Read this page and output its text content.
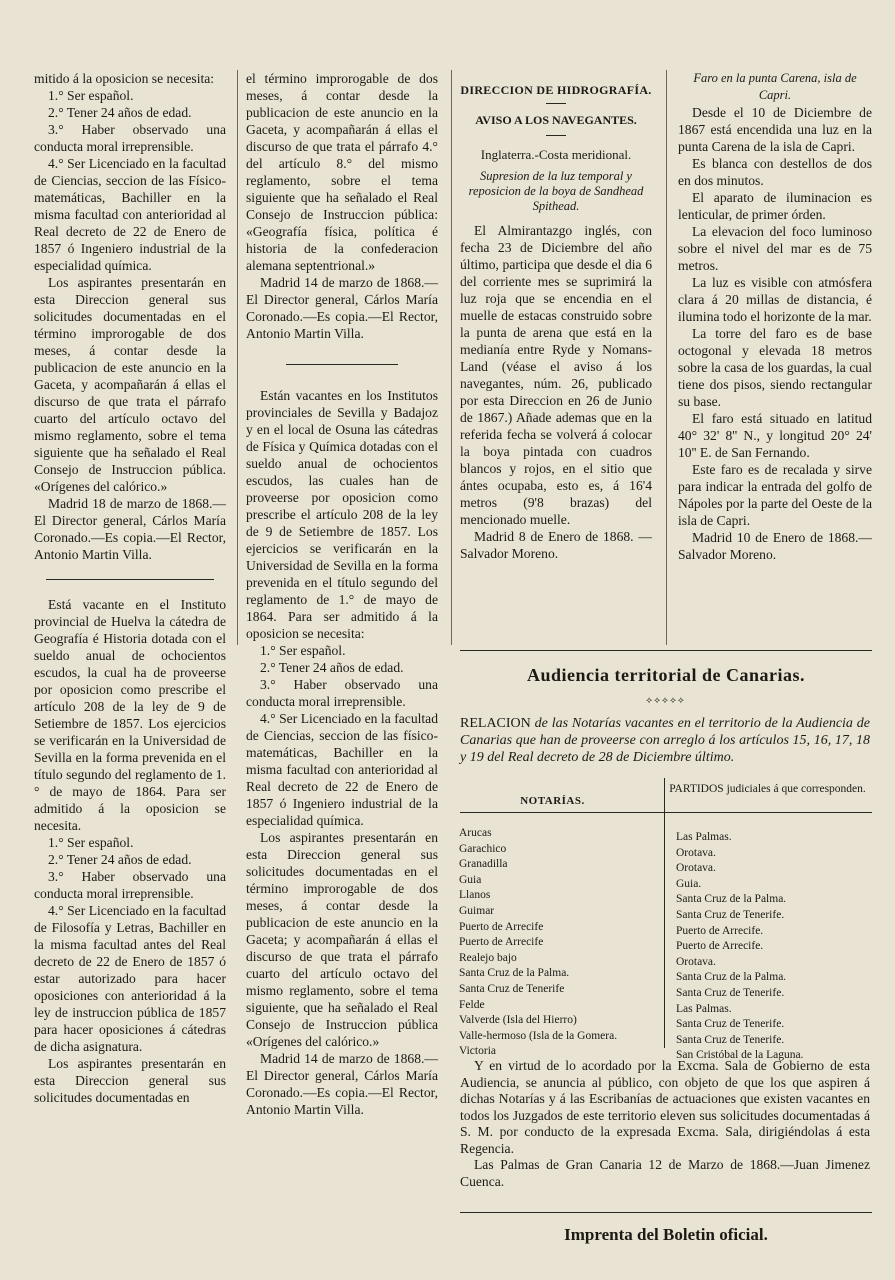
mitido á la oposicion se necesita:

1.° Ser español.

2.° Tener 24 años de edad.

3.° Haber observado una conducta moral irreprensible.

4.° Ser Licenciado en la facultad de Ciencias, seccion de las Físico-matemáticas, Bachiller en la misma facultad con anterioridad al Real decreto de 22 de Enero de 1857 ó Ingeniero industrial de la especialidad química.

Los aspirantes presentarán en esta Direccion general sus solicitudes documentadas en el término improrogable de dos meses, á contar desde la publicacion de este anuncio en la Gaceta, y acompañarán á ellas el discurso de que trata el párrafo cuarto del artículo octavo del mismo reglamento, sobre el tema siguiente que ha señalado el Real Consejo de Instruccion pública. «Orígenes del calórico.»

Madrid 18 de marzo de 1868.—El Director general, Cárlos María Coronado.—Es copia.—El Rector, Antonio Martin Villa.

Está vacante en el Instituto provincial de Huelva la cátedra de Geografía é Historia dotada con el sueldo anual de ochocientos escudos, la cual ha de proveerse por oposicion como prescribe el artículo 208 de la ley de 9 de Setiembre de 1857. Los ejercicios se verificarán en la Universidad de Sevilla en la forma prevenida en el título segundo del reglamento de 1.° de mayo de 1864. Para ser admitido á la oposicion se necesita.

1.° Ser español.

2.° Tener 24 años de edad.

3.° Haber observado una conducta moral irreprensible.

4.° Ser Licenciado en la facultad de Filosofía y Letras, Bachiller en la misma facultad antes del Real decreto de 22 de Enero de 1857 ó estar autorizado para hacer oposiciones con anterioridad á la ley de instruccion pública de 1857 para hacer oposiciones á cátedras de dicha asignatura.

Los aspirantes presentarán en esta Direccion general sus solicitudes documentadas en

el término improrogable de dos meses, á contar desde la publicacion de este anuncio en la Gaceta, y acompañarán á ellas el discurso de que trata el párrafo 4.° del artículo 8.° del mismo reglamento, sobre el tema siguiente que ha señalado el Real Consejo de Instruccion pública: «Geografía física, política é historia de la confederacion alemana septentrional.»

Madrid 14 de marzo de 1868.—El Director general, Cárlos María Coronado.—Es copia.—El Rector, Antonio Martin Villa.

Están vacantes en los Institutos provinciales de Sevilla y Badajoz y en el local de Osuna las cátedras de Física y Química dotadas con el sueldo anual de ochocientos escudos, las cuales han de proveerse por oposicion como prescribe el artículo 208 de la ley de 9 de Setiembre de 1857. Los ejercicios se verificarán en la Universidad de Sevilla en la forma prevenida en el título segundo del reglamento de 1.° de mayo de 1864. Para ser admitido á la oposicion se necesita:

1.° Ser español.

2.° Tener 24 años de edad.

3.° Haber observado una conducta moral irreprensible.

4.° Ser Licenciado en la facultad de Ciencias, seccion de las físico-matemáticas, Bachiller en la misma facultad con anterioridad al Real decreto de 22 de Enero de 1857 ó Ingeniero industrial de la especialidad química.

Los aspirantes presentarán en esta Direccion general sus solicitudes documentadas en el término improrogable de dos meses, á contar desde la publicacion de este anuncio en la Gaceta; y acompañarán á ellas el discurso de que trata el párrafo cuarto del artículo octavo del mismo reglamento, sobre el tema siguiente, que ha señalado el Real Consejo de Instruccion pública «Orígenes del calórico.»

Madrid 14 de marzo de 1868.—El Director general, Cárlos María Coronado.—Es copia.—El Rector, Antonio Martin Villa.

DIRECCION DE HIDROGRAFÍA.
AVISO A LOS NAVEGANTES.
Inglaterra.-Costa meridional.
Supresion de la luz temporal y reposicion de la boya de Sandhead Spithead.

El Almirantazgo inglés, con fecha 23 de Diciembre del año último, participa que desde el dia 6 del corriente mes se suprimirá la luz roja que se encendia en el muelle de estacas construido sobre la punta de arena que está en la medianía entre Ryde y Nomans-Land (véase el aviso á los navegantes, núm. 26, publicado por esta Direccion en 26 de Junio de 1867.) Añade ademas que en la referida fecha se volverá á colocar la boya pintada con cuadros blancos y rojos, en el sitio que ántes ocupaba, esto es, á 16'4 metros (9'8 brazas) del mencionado muelle.

Madrid 8 de Enero de 1868. —Salvador Moreno.

Faro en la punta Carena, isla de Capri.

Desde el 10 de Diciembre de 1867 está encendida una luz en la punta Carena de la isla de Capri.

Es blanca con destellos de dos en dos minutos.

El aparato de iluminacion es lenticular, de primer órden.

La elevacion del foco luminoso sobre el nivel del mar es de 75 metros.

La luz es visible con atmósfera clara á 20 millas de distancia, é ilumina todo el horizonte de la mar.

La torre del faro es de base octogonal y elevada 18 metros sobre la casa de los guardas, la cual tiene dos pisos, siendo rectangular su base.

El faro está situado en latitud 40° 32' 8'' N., y longitud 20° 24' 10'' E. de San Fernando.

Este faro es de recalada y sirve para indicar la entrada del golfo de Nápoles por la parte del Oeste de la isla de Capri.

Madrid 10 de Enero de 1868.—Salvador Moreno.

Audiencia territorial de Canarias.
⟡⟡⟡⟡⟡
RELACION de las Notarías vacantes en el territorio de la Audiencia de Canarias que han de proveerse con arreglo á los artículos 15, 16, 17, 18 y 19 del Real decreto de 28 de Diciembre último.
NOTARÍAS.
PARTIDOS judiciales á que corresponden.
Arucas
Garachico
Granadilla
Guia
Llanos
Guimar
Puerto de Arrecife
Puerto de Arrecife
Realejo bajo
Santa Cruz de la Palma.
Santa Cruz de Tenerife
Felde
Valverde (Isla del Hierro)
Valle-hermoso (Isla de la Gomera.
Victoria
Las Palmas.
Orotava.
Orotava.
Guia.
Santa Cruz de la Palma.
Santa Cruz de Tenerife.
Puerto de Arrecife.
Puerto de Arrecife.
Orotava.
Santa Cruz de la Palma.
Santa Cruz de Tenerife.
Las Palmas.
Santa Cruz de Tenerife.
Santa Cruz de Tenerife.
San Cristóbal de la Laguna.

Y en virtud de lo acordado por la Excma. Sala de Gobierno de esta Audiencia, se anuncia al público, con objeto de que los que aspiren á dichas Notarías y á las Escribanías de actuaciones que existen vacantes en todos los Juzgados de este territorio eleven sus solicitudes documentadas á S. M. por conducto de la expresada Excma. Sala, dirigiéndolas á esta Regencia.

Las Palmas de Gran Canaria 12 de Marzo de 1868.—Juan Jimenez Cuenca.

Imprenta del Boletin oficial.
